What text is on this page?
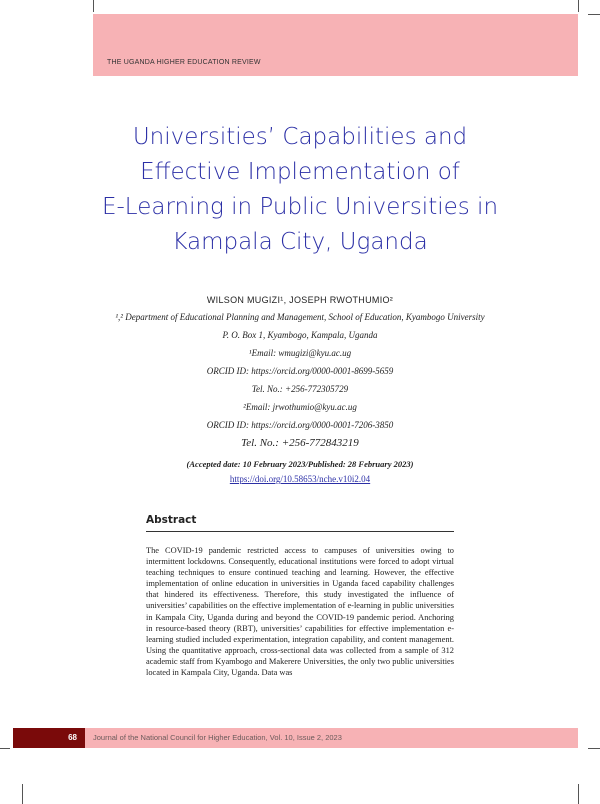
THE UGANDA HIGHER EDUCATION REVIEW
Universities’ Capabilities and
Effective Implementation of
E-Learning in Public Universities in
Kampala City, Uganda
WILSON MUGIZI¹, JOSEPH RWOTHUMIO²
¹,² Department of Educational Planning and Management, School of Education, Kyambogo University
P. O. Box 1, Kyambogo, Kampala, Uganda
¹Email: wmugizi@kyu.ac.ug
ORCID ID: https://orcid.org/0000-0001-8699-5659
Tel. No.: +256-772305729
²Email: jrwothumio@kyu.ac.ug
ORCID ID: https://orcid.org/0000-0001-7206-3850
Tel. No.: +256-772843219
(Accepted date: 10 February 2023/Published: 28 February 2023)
https://doi.org/10.58653/nche.v10i2.04
Abstract

The COVID-19 pandemic restricted access to campuses of universities owing to intermittent lockdowns. Consequently, educational institutions were forced to adopt virtual teaching techniques to ensure continued teaching and learning. However, the effective implementation of online education in universities in Uganda faced capability challenges that hindered its effectiveness. Therefore, this study investigated the influence of universities’ capabilities on the effective implementation of e-learning in public universities in Kampala City, Uganda during and beyond the COVID-19 pandemic period. Anchoring in resource-based theory (RBT), universities’ capabilities for effective implementation e-learning studied included experimentation, integration capability, and content management. Using the quantitative approach, cross-sectional data was collected from a sample of 312 academic staff from Kyambogo and Makerere Universities, the only two public universities located in Kampala City, Uganda. Data was

68	Journal of the National Council for Higher Education, Vol. 10, Issue 2, 2023
